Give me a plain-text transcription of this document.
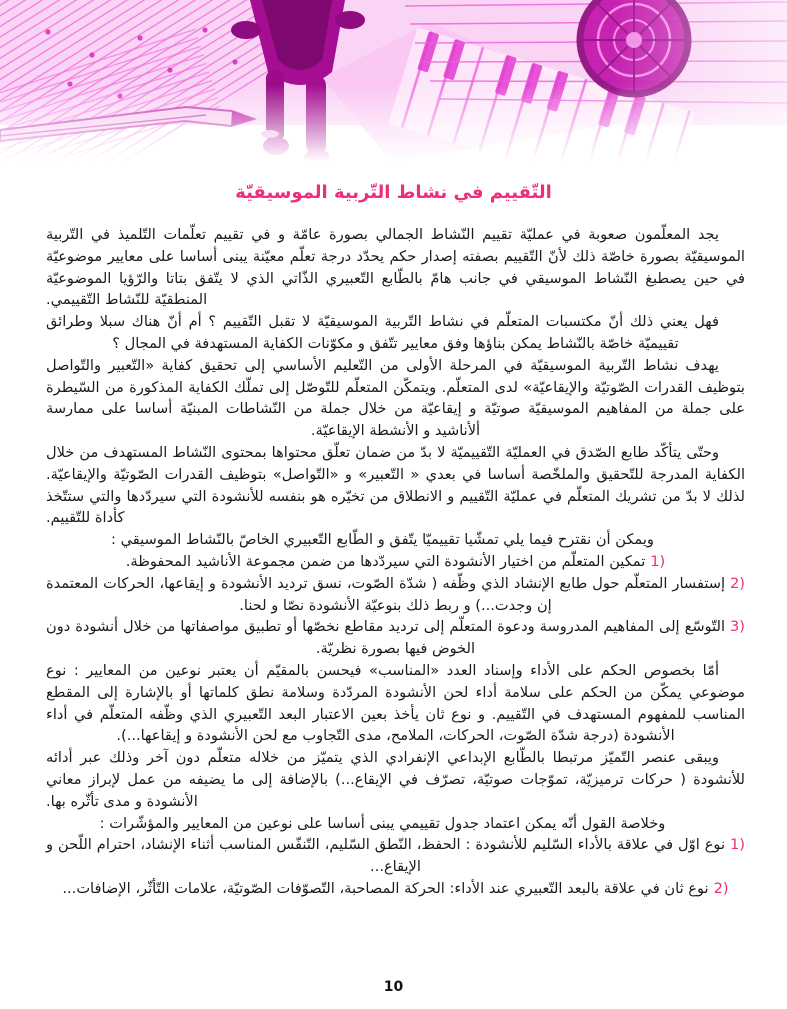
التّقييم في نشاط التّربية الموسيقيّة

يجد المعلّمون صعوبة في عمليّة تقييم النّشاط الجمالي بصورة عامّة و في تقييم تعلّمات التّلميذ في التّربية الموسيقيّة بصورة خاصّة ذلك لأنّ التّقييم بصفته إصدار حكم يحدّد درجة تعلّم معيّنة يبنى أساسا على معايير موضوعيّة في حين يصطبغ النّشاط الموسيقي في جانب هامّ بالطّابع التّعبيري الذّاتي الذي لا يتّفق بتاتا والرّؤيا الموضوعيّة المنطقيّة للنّشاط التّقييمي.

فهل يعني ذلك أنّ مكتسبات المتعلّم في نشاط التّربية الموسيقيّة لا تقبل التّقييم ؟ أم أنّ هناك سبلا وطرائق تقييميّة خاصّة بالنّشاط يمكن بناؤها وفق معايير تتّفق و مكوّنات الكفاية المستهدفة في المجال ؟

يهدف نشاط التّربية الموسيقيّة في المرحلة الأولى من التّعليم الأساسي إلى تحقيق كفاية «التّعبير والتّواصل بتوظيف القدرات الصّوتيّة والإيقاعيّة» لدى المتعلّم. ويتمكّن المتعلّم للتّوصّل إلى تملّك الكفاية المذكورة من السّيطرة على جملة من المفاهيم الموسيقيّة صوتيّة و إيقاعيّة من خلال جملة من النّشاطات المبنيّة أساسا على ممارسة ألأناشيد و الأنشطة الإيقاعيّة.

وحتّى يتأكّد طابع الصّدق في العمليّة التّقييميّة لا بدّ من ضمان تعلّق محتواها بمحتوى النّشاط المستهدف من خلال الكفاية المدرجة للتّحقيق والملخّصة أساسا في بعدي « التّعبير» و «التّواصل» بتوظيف القدرات الصّوتيّة والإيقاعيّة. لذلك لا بدّ من تشريك المتعلّم في عمليّة التّقييم و الانطلاق من تخيّره هو بنفسه للأنشودة التي سيردّدها والتي ستتّخذ كأداة للتّقييم.

ويمكن أن نقترح فيما يلي تمشّيا تقييميّا يتّفق و الطّابع التّعبيري الخاصّ بالنّشاط الموسيقي :

1)تمكين المتعلّم من اختيار الأنشودة التي سيردّدها من ضمن مجموعة الأناشيد المحفوظة.
2)إستفسار المتعلّم حول طابع الإنشاد الذي وظّفه ( شدّة الصّوت، نسق ترديد الأنشودة و إيقاعها، الحركات المعتمدة إن وجدت...) و ربط ذلك بنوعيّة الأنشودة نصّا و لحنا.
3)التّوسّع إلى المفاهيم المدروسة ودعوة المتعلّم إلى ترديد مقاطع نخصّها أو تطبيق مواصفاتها من خلال أنشودة دون الخوض فيها بصورة نظريّة.

أمّا بخصوص الحكم على الأداء وإسناد العدد «المناسب» فيحسن بالمقيّم أن يعتبر نوعين من المعايير : نوع موضوعي يمكّن من الحكم على سلامة أداء لحن الأنشودة المردّدة وسلامة نطق كلماتها أو بالإشارة إلى المقطع المناسب للمفهوم المستهدف في التّقييم. و نوع ثان يأخذ بعين الاعتبار البعد التّعبيري الذي وظّفه المتعلّم في أداء الأنشودة (درجة شدّة الصّوت، الحركات، الملامح، مدى التّجاوب مع لحن الأنشودة و إيقاعها...).

ويبقى عنصر التّميّز مرتبطا بالطّابع الإبداعي الإنفرادي الذي يتميّز من خلاله متعلّم دون آخر وذلك عبر أدائه للأنشودة ( حركات ترميزيّة، تموّجات صوتيّة، تصرّف في الإيقاع...) بالإضافة إلى ما يضيفه من عمل لإبراز معاني الأنشودة و مدى تأثّره بها.

وخلاصة القول أنّه يمكن اعتماد جدول تقييمي يبنى أساسا على نوعين من المعايير والمؤشّرات :

1)نوع اوّل في علاقة بالأداء السّليم للأنشودة : الحفظ، النّطق السّليم، التّنفّس المناسب أثناء الإنشاد، احترام اللّحن و الإيقاع...
2)نوع ثان في علاقة بالبعد التّعبيري عند الأداء: الحركة المصاحبة، التّصوّفات الصّوتيّة، علامات التّأثّر، الإضافات...
10
